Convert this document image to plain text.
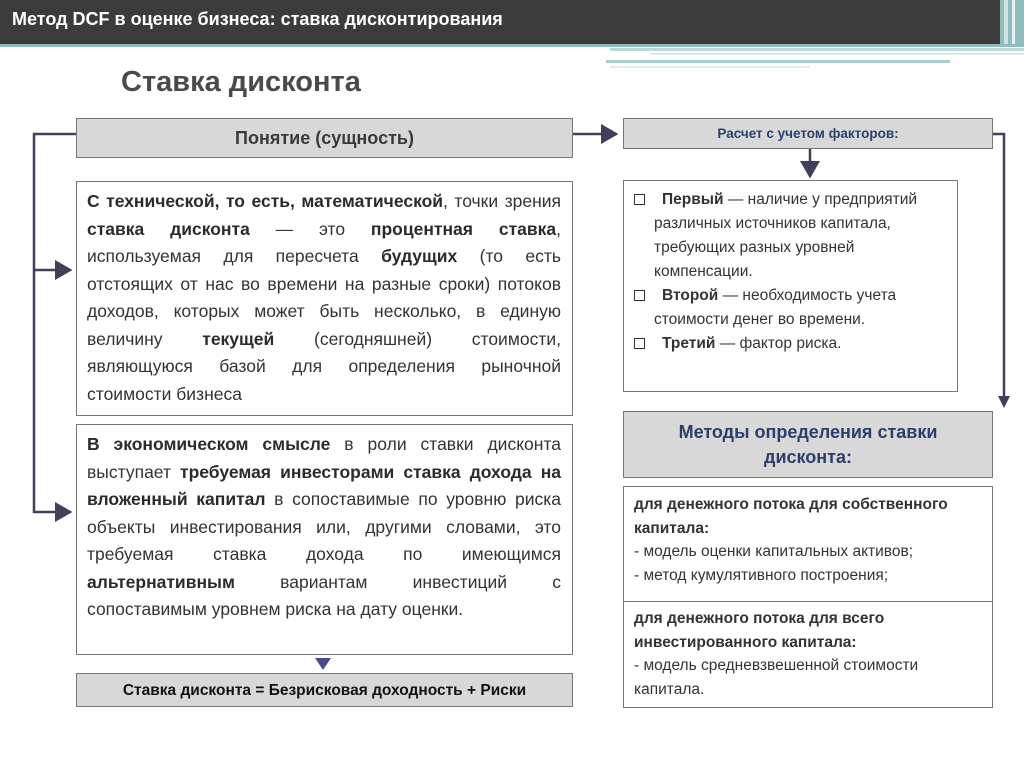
Метод DCF в оценке бизнеса: ставка дисконтирования
Ставка дисконта
Понятие (сущность)
С технической, то есть, математической, точки зрения ставка дисконта — это процентная ставка, используемая для пересчета будущих (то есть отстоящих от нас во времени на разные сроки) потоков доходов, которых может быть несколько, в единую величину текущей (сегодняшней) стоимости, являющуюся базой для определения рыночной стоимости бизнеса
В экономическом смысле в роли ставки дисконта выступает требуемая инвесторами ставка дохода на вложенный капитал в сопоставимые по уровню риска объекты инвестирования или, другими словами, это требуемая ставка дохода по имеющимся альтернативным вариантам инвестиций с сопоставимым уровнем риска на дату оценки.
Ставка дисконта = Безрисковая доходность + Риски
Расчет с учетом факторов:
Первый — наличие у предприятий различных источников капитала, требующих разных уровней компенсации.
Второй — необходимость учета стоимости денег во времени.
Третий — фактор риска.
Методы определения ставки дисконта:
для денежного потока для собственного капитала:
- модель оценки капитальных активов;
- метод кумулятивного построения;
для денежного потока для всего инвестированного капитала:
- модель средневзвешенной стоимости капитала.
